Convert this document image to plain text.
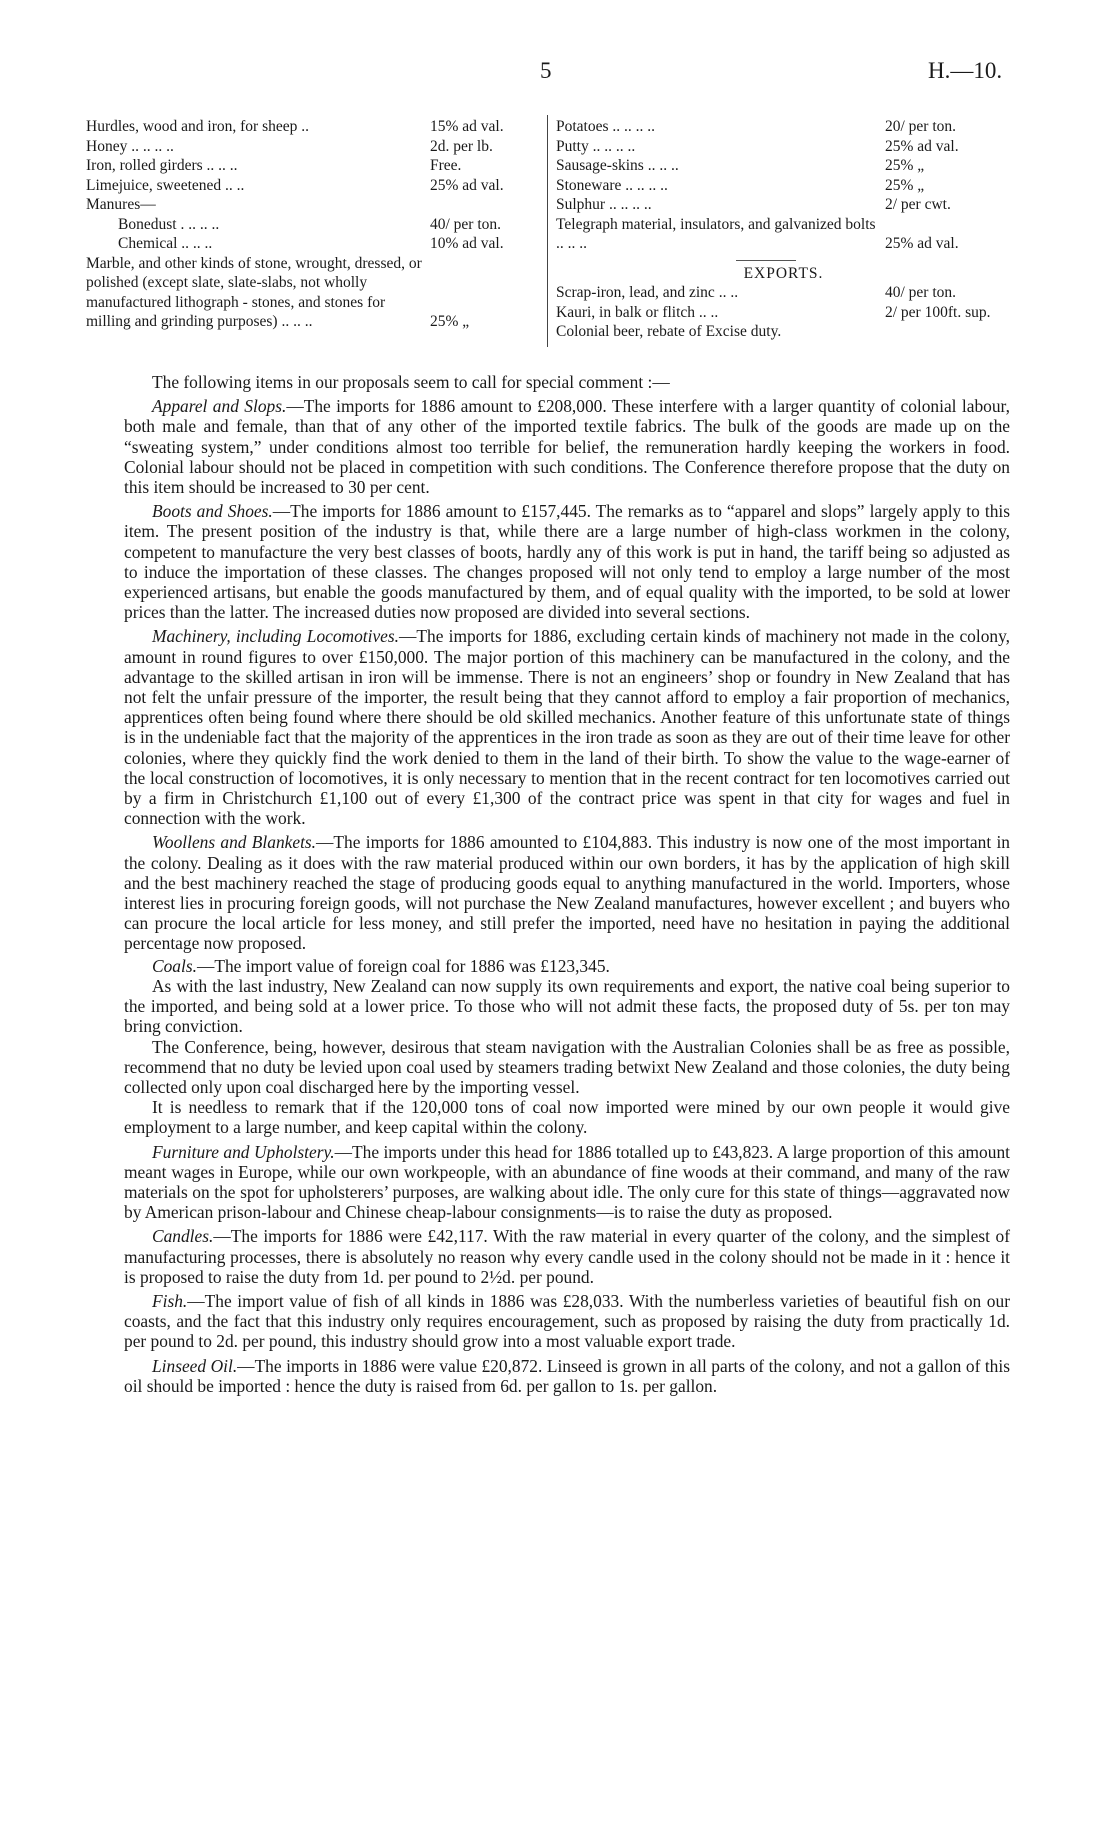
5	H.—10.
Hurdles, wood and iron, for sheep ..	15% ad val.
Honey .. .. .. ..	2d. per lb.
Iron, rolled girders .. .. ..	Free.
Limejuice, sweetened .. ..	25% ad val.
Manures—
Bonedust . .. .. ..	40/ per ton.
Chemical .. .. ..	10% ad val.
Marble, and other kinds of stone, wrought, dressed, or polished (except slate, slate-slabs, not wholly manufactured lithograph - stones, and stones for milling and grinding purposes) .. .. ..	25% „
Potatoes .. .. .. ..	20/ per ton.
Putty .. .. .. ..	25% ad val.
Sausage-skins .. .. ..	25% „
Stoneware .. .. .. ..	25% „
Sulphur .. .. .. ..	2/ per cwt.
Telegraph material, insulators, and galvanized bolts .. .. ..	25% ad val.
EXPORTS.
Scrap-iron, lead, and zinc .. ..	40/ per ton.
Kauri, in balk or flitch .. ..	2/ per 100ft. sup.
Colonial beer, rebate of Excise duty.

The following items in our proposals seem to call for special comment :—

Apparel and Slops.—The imports for 1886 amount to £208,000. These interfere with a larger quantity of colonial labour, both male and female, than that of any other of the imported textile fabrics. The bulk of the goods are made up on the “sweating system,” under conditions almost too terrible for belief, the remuneration hardly keeping the workers in food. Colonial labour should not be placed in competition with such conditions. The Conference therefore propose that the duty on this item should be increased to 30 per cent.

Boots and Shoes.—The imports for 1886 amount to £157,445. The remarks as to “apparel and slops” largely apply to this item. The present position of the industry is that, while there are a large number of high-class workmen in the colony, competent to manufacture the very best classes of boots, hardly any of this work is put in hand, the tariff being so adjusted as to induce the importation of these classes. The changes proposed will not only tend to employ a large number of the most experienced artisans, but enable the goods manufactured by them, and of equal quality with the imported, to be sold at lower prices than the latter. The increased duties now proposed are divided into several sections.

Machinery, including Locomotives.—The imports for 1886, excluding certain kinds of machinery not made in the colony, amount in round figures to over £150,000. The major portion of this machinery can be manufactured in the colony, and the advantage to the skilled artisan in iron will be immense. There is not an engineers’ shop or foundry in New Zealand that has not felt the unfair pressure of the importer, the result being that they cannot afford to employ a fair proportion of mechanics, apprentices often being found where there should be old skilled mechanics. Another feature of this unfortunate state of things is in the undeniable fact that the majority of the apprentices in the iron trade as soon as they are out of their time leave for other colonies, where they quickly find the work denied to them in the land of their birth. To show the value to the wage-earner of the local construction of locomotives, it is only necessary to mention that in the recent contract for ten locomotives carried out by a firm in Christchurch £1,100 out of every £1,300 of the contract price was spent in that city for wages and fuel in connection with the work.

Woollens and Blankets.—The imports for 1886 amounted to £104,883. This industry is now one of the most important in the colony. Dealing as it does with the raw material produced within our own borders, it has by the application of high skill and the best machinery reached the stage of producing goods equal to anything manufactured in the world. Importers, whose interest lies in procuring foreign goods, will not purchase the New Zealand manufactures, however excellent ; and buyers who can procure the local article for less money, and still prefer the imported, need have no hesitation in paying the additional percentage now proposed.

Coals.—The import value of foreign coal for 1886 was £123,345.

As with the last industry, New Zealand can now supply its own requirements and export, the native coal being superior to the imported, and being sold at a lower price. To those who will not admit these facts, the proposed duty of 5s. per ton may bring conviction.

The Conference, being, however, desirous that steam navigation with the Australian Colonies shall be as free as possible, recommend that no duty be levied upon coal used by steamers trading betwixt New Zealand and those colonies, the duty being collected only upon coal discharged here by the importing vessel.

It is needless to remark that if the 120,000 tons of coal now imported were mined by our own people it would give employment to a large number, and keep capital within the colony.

Furniture and Upholstery.—The imports under this head for 1886 totalled up to £43,823. A large proportion of this amount meant wages in Europe, while our own workpeople, with an abundance of fine woods at their command, and many of the raw materials on the spot for upholsterers’ purposes, are walking about idle. The only cure for this state of things—aggravated now by American prison-labour and Chinese cheap-labour consignments—is to raise the duty as proposed.

Candles.—The imports for 1886 were £42,117. With the raw material in every quarter of the colony, and the simplest of manufacturing processes, there is absolutely no reason why every candle used in the colony should not be made in it : hence it is proposed to raise the duty from 1d. per pound to 2½d. per pound.

Fish.—The import value of fish of all kinds in 1886 was £28,033. With the numberless varieties of beautiful fish on our coasts, and the fact that this industry only requires encouragement, such as proposed by raising the duty from practically 1d. per pound to 2d. per pound, this industry should grow into a most valuable export trade.

Linseed Oil.—The imports in 1886 were value £20,872. Linseed is grown in all parts of the colony, and not a gallon of this oil should be imported : hence the duty is raised from 6d. per gallon to 1s. per gallon.
